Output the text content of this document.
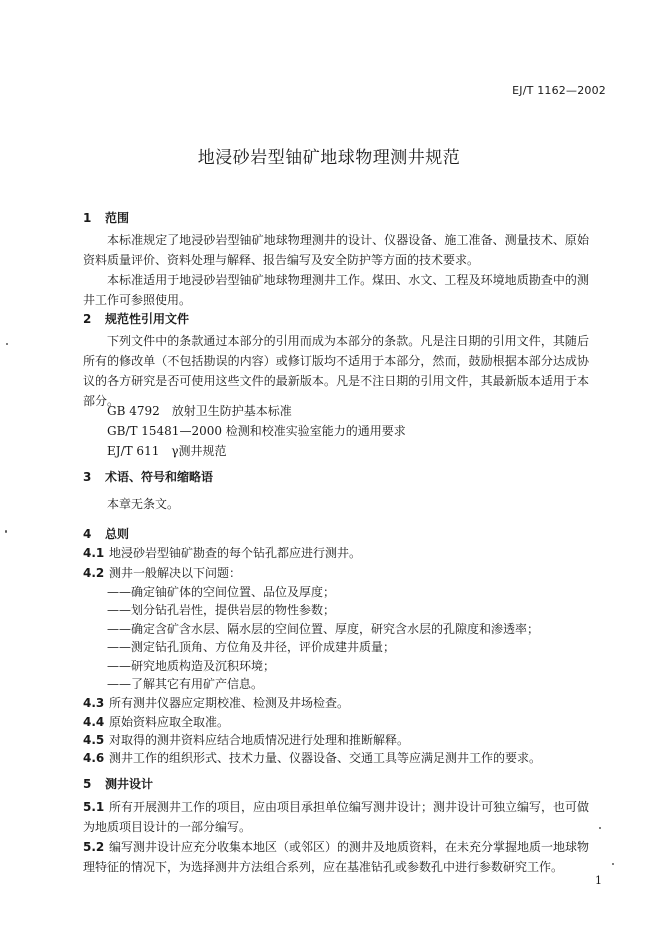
EJ/T 1162—2002
地浸砂岩型铀矿地球物理测井规范
1 范围
本标准规定了地浸砂岩型铀矿地球物理测井的设计、仪器设备、施工准备、测量技术、原始资料质量评价、资料处理与解释、报告编写及安全防护等方面的技术要求。
本标准适用于地浸砂岩型铀矿地球物理测井工作。煤田、水文、工程及环境地质勘查中的测井工作可参照使用。
2 规范性引用文件
下列文件中的条款通过本部分的引用而成为本部分的条款。凡是注日期的引用文件，其随后所有的修改单（不包括勘误的内容）或修订版均不适用于本部分，然而，鼓励根据本部分达成协议的各方研究是否可使用这些文件的最新版本。凡是不注日期的引用文件，其最新版本适用于本部分。
GB 4792　放射卫生防护基本标准
GB/T 15481—2000 检测和校准实验室能力的通用要求
EJ/T 611　γ测井规范
3 术语、符号和缩略语
本章无条文。
4 总则
4.1 地浸砂岩型铀矿勘查的每个钻孔都应进行测井。
4.2 测井一般解决以下问题：
——确定铀矿体的空间位置、品位及厚度；
——划分钻孔岩性，提供岩层的物性参数；
——确定含矿含水层、隔水层的空间位置、厚度，研究含水层的孔隙度和渗透率；
——测定钻孔顶角、方位角及井径，评价成建井质量；
——研究地质构造及沉积环境；
——了解其它有用矿产信息。
4.3 所有测井仪器应定期校准、检测及井场检查。
4.4 原始资料应取全取准。
4.5 对取得的测井资料应结合地质情况进行处理和推断解释。
4.6 测井工作的组织形式、技术力量、仪器设备、交通工具等应满足测井工作的要求。
5 测井设计
5.1 所有开展测井工作的项目，应由项目承担单位编写测井设计；测井设计可独立编写，也可做为地质项目设计的一部分编写。
5.2 编写测井设计应充分收集本地区（或邻区）的测井及地质资料，在未充分掌握地质一地球物理特征的情况下，为选择测井方法组合系列，应在基准钻孔或参数孔中进行参数研究工作。
1
